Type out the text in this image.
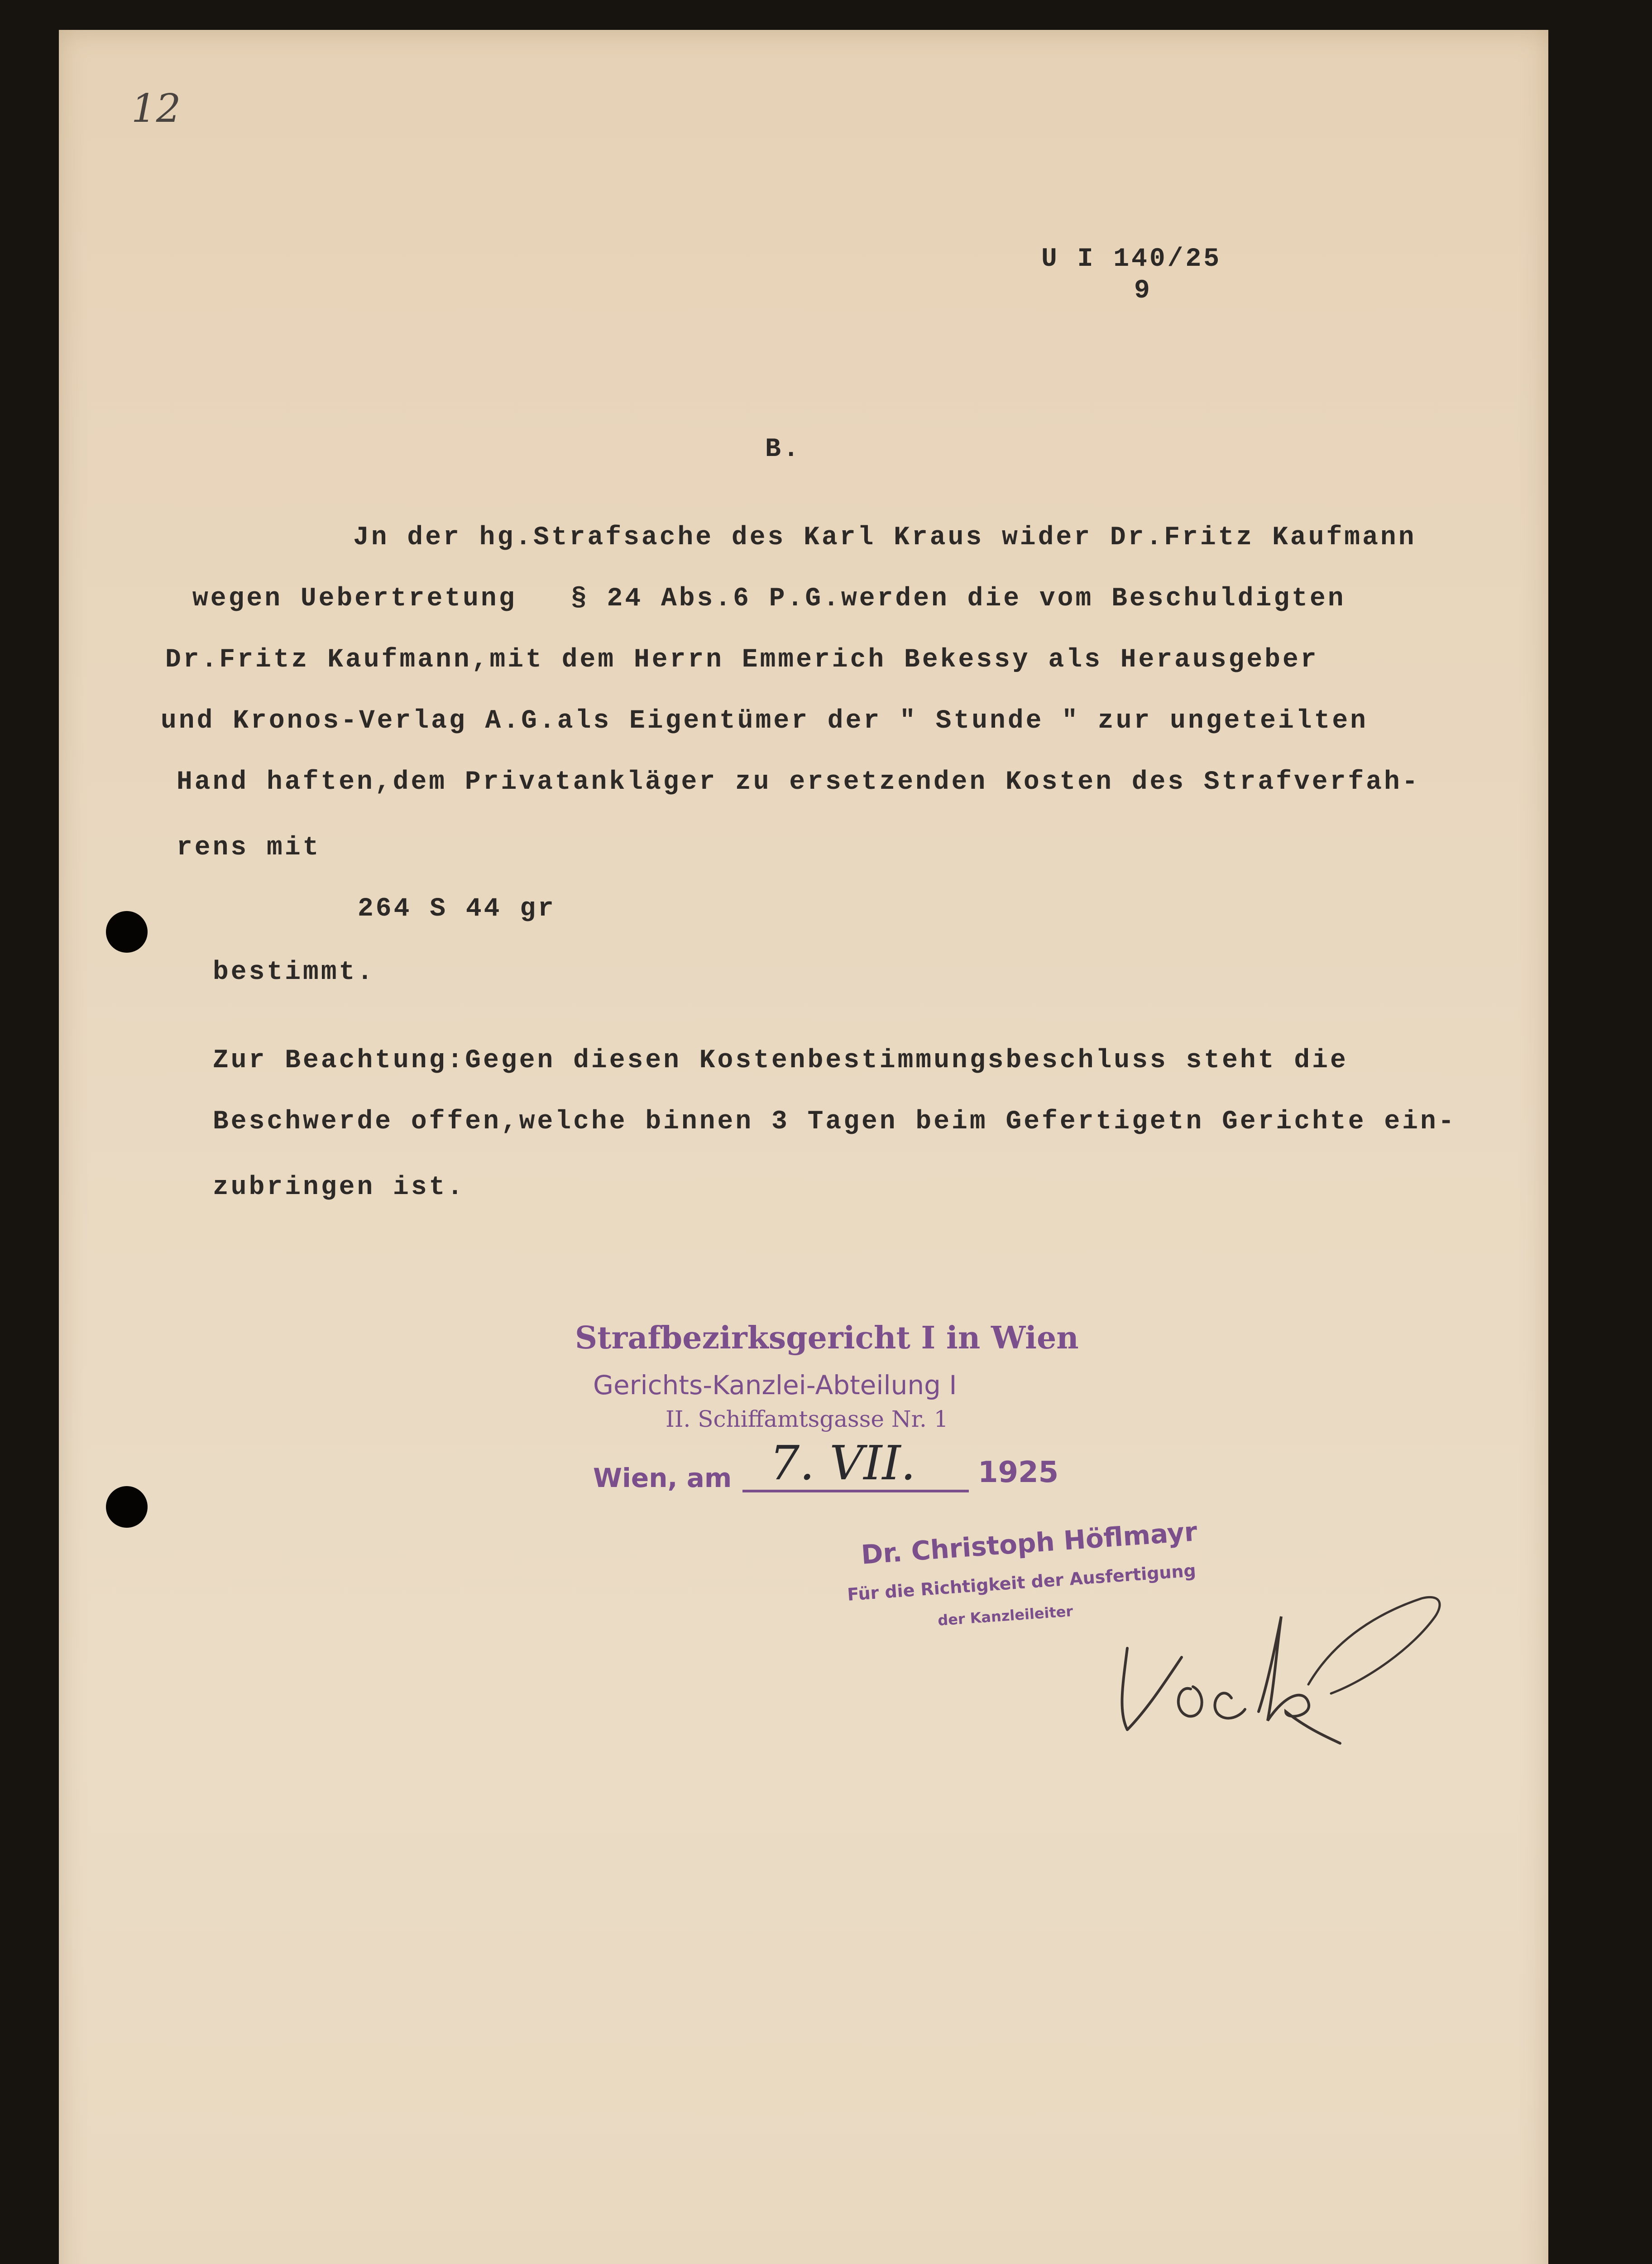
12
U I 140/25
9
B.
Jn der hg.Strafsache des Karl Kraus wider Dr.Fritz Kaufmann
wegen Uebertretung   § 24 Abs.6 P.G.werden die vom Beschuldigten
Dr.Fritz Kaufmann,mit dem Herrn Emmerich Bekessy als Herausgeber
und Kronos-Verlag A.G.als Eigentümer der " Stunde " zur ungeteilten
Hand haften,dem Privatankläger zu ersetzenden Kosten des Strafverfah-
rens mit
264 S 44 gr
bestimmt.
Zur Beachtung:Gegen diesen Kostenbestimmungsbeschluss steht die
Beschwerde offen,welche binnen 3 Tagen beim Gefertigetn Gerichte ein-
zubringen ist.
Strafbezirksgericht I in Wien
Gerichts-Kanzlei-Abteilung I
II. Schiffamtsgasse Nr. 1
Wien, am 7. VII. 1925
Dr. Christoph Höflmayr
Für die Richtigkeit der Ausfertigung
der Kanzleileiter
